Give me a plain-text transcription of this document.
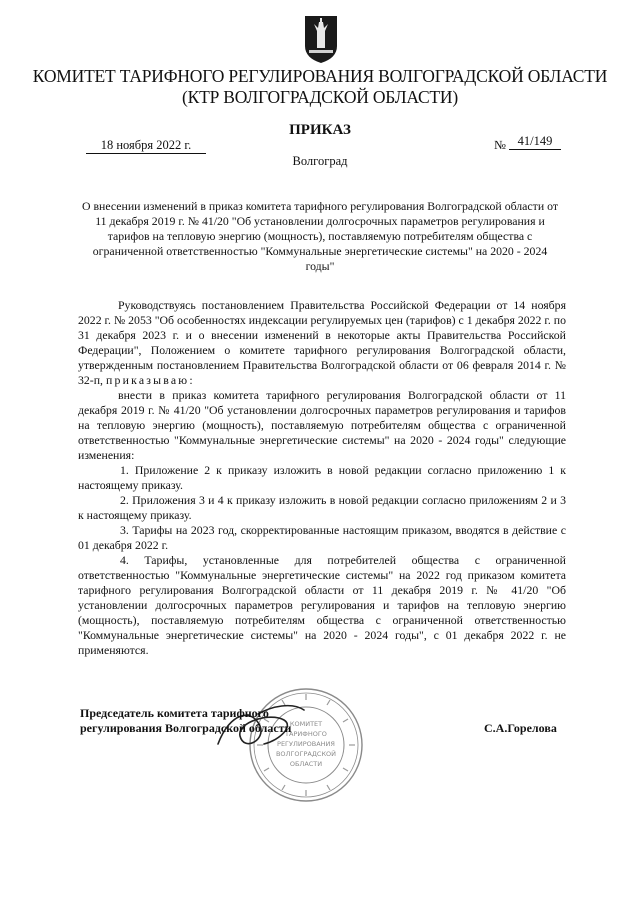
КОМИТЕТ ТАРИФНОГО РЕГУЛИРОВАНИЯ ВОЛГОГРАДСКОЙ ОБЛАСТИ
(КТР ВОЛГОГРАДСКОЙ ОБЛАСТИ)
ПРИКАЗ
18 ноября 2022 г.	№ 41/149
Волгоград
О внесении изменений в приказ комитета тарифного регулирования Волгоградской области от 11 декабря 2019 г. № 41/20 "Об установлении долгосрочных параметров регулирования и тарифов на тепловую энергию (мощность), поставляемую потребителям общества с ограниченной ответственностью "Коммунальные энергетические системы" на 2020 - 2024 годы"

Руководствуясь постановлением Правительства Российской Федерации от 14 ноября 2022 г. № 2053 "Об особенностях индексации регулируемых цен (тарифов) с 1 декабря 2022 г. по 31 декабря 2023 г. и о внесении изменений в некоторые акты Правительства Российской Федерации", Положением о комитете тарифного регулирования Волгоградской области, утвержденным постановлением Правительства Волгоградской области от 06 февраля 2014 г. № 32-п, приказываю:

внести в приказ комитета тарифного регулирования Волгоградской области от 11 декабря 2019 г. № 41/20 "Об установлении долгосрочных параметров регулирования и тарифов на тепловую энергию (мощность), поставляемую потребителям общества с ограниченной ответственностью "Коммунальные энергетические системы" на 2020 - 2024 годы" следующие изменения:

1. Приложение 2 к приказу изложить в новой редакции согласно приложению 1 к настоящему приказу.

2. Приложения 3 и 4 к приказу изложить в новой редакции согласно приложениям 2 и 3 к настоящему приказу.

3. Тарифы на 2023 год, скорректированные настоящим приказом, вводятся в действие с 01 декабря 2022 г.

4. Тарифы, установленные для потребителей общества с ограниченной ответственностью "Коммунальные энергетические системы" на 2022 год приказом комитета тарифного регулирования Волгоградской области от 11 декабря 2019 г. № 41/20 "Об установлении долгосрочных параметров регулирования и тарифов на тепловую энергию (мощность), поставляемую потребителям общества с ограниченной ответственностью "Коммунальные энергетические системы" на 2020 - 2024 годы", с 01 декабря 2022 г. не применяются.

КОМИТЕТ
ТАРИФНОГО
РЕГУЛИРОВАНИЯ
ВОЛГОГРАДСКОЙ
ОБЛАСТИ
Председатель комитета тарифного
регулирования Волгоградской области	С.А.Горелова
